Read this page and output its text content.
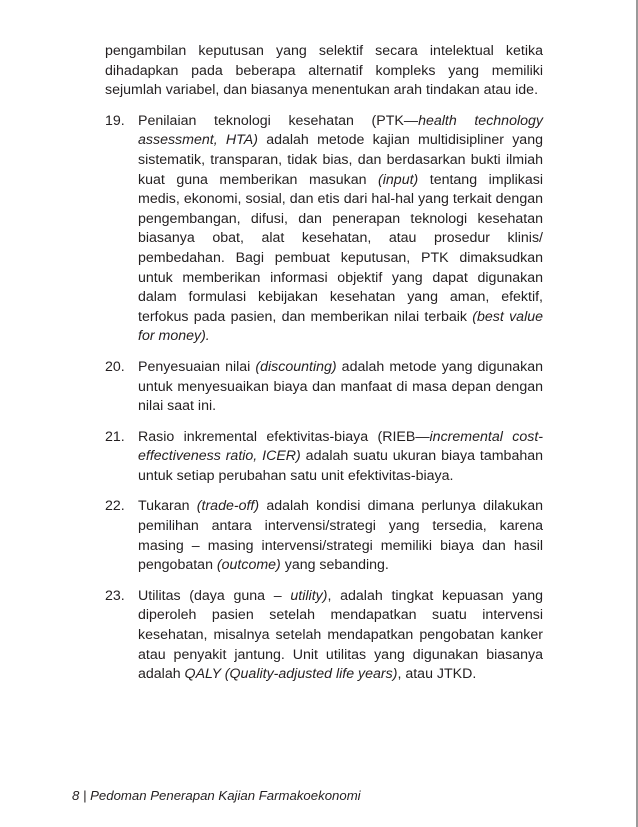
pengambilan keputusan yang selektif secara intelektual ketika dihadapkan pada beberapa alternatif kompleks yang memiliki sejumlah variabel, dan biasanya menentukan arah tindakan atau ide.

19. Penilaian teknologi kesehatan (PTK—health technology assessment, HTA) adalah metode kajian multidisipliner yang sistematik, transparan, tidak bias, dan berdasarkan bukti ilmiah kuat guna memberikan masukan (input) tentang implikasi medis, ekonomi, sosial, dan etis dari hal-hal yang terkait dengan pengembangan, difusi, dan penerapan teknologi kesehatan biasanya obat, alat kesehatan, atau prosedur klinis/ pembedahan. Bagi pembuat keputusan, PTK dimaksudkan untuk memberikan informasi objektif yang dapat digunakan dalam formulasi kebijakan kesehatan yang aman, efektif, terfokus pada pasien, dan memberikan nilai terbaik (best value for money).
20. Penyesuaian nilai (discounting) adalah metode yang digunakan untuk menyesuaikan biaya dan manfaat di masa depan dengan nilai saat ini.
21. Rasio inkremental efektivitas-biaya (RIEB—incremental cost-effectiveness ratio, ICER) adalah suatu ukuran biaya tambahan untuk setiap perubahan satu unit efektivitas-biaya.
22. Tukaran (trade-off) adalah kondisi dimana perlunya dilakukan pemilihan antara intervensi/strategi yang tersedia, karena masing – masing intervensi/strategi memiliki biaya dan hasil pengobatan (outcome) yang sebanding.
23. Utilitas (daya guna – utility), adalah tingkat kepuasan yang diperoleh pasien setelah mendapatkan suatu intervensi kesehatan, misalnya setelah mendapatkan pengobatan kanker atau penyakit jantung. Unit utilitas yang digunakan biasanya adalah QALY (Quality-adjusted life years), atau JTKD.
8 | Pedoman Penerapan Kajian Farmakoekonomi
